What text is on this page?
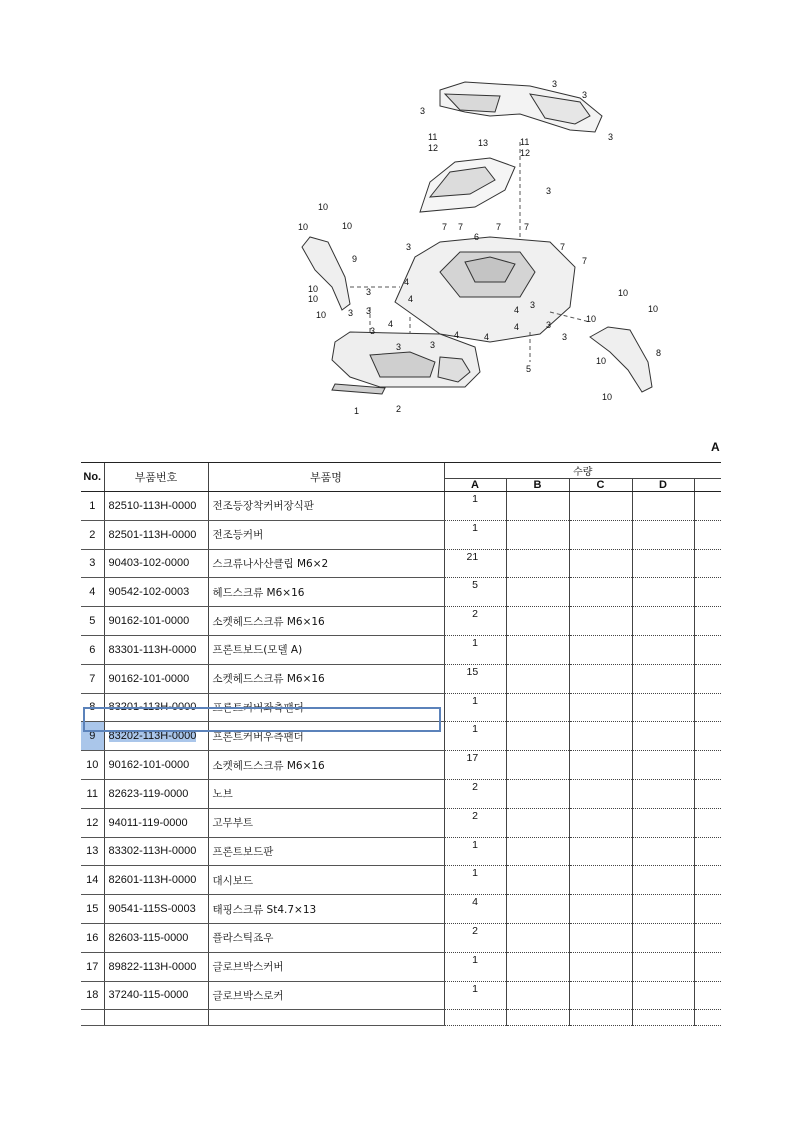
3
3
3
3
11
12	13	11
12
3
10
10	10
9
10
10
10 3
7 7
6
7	7
7
7
3
3
4
4
3
3
4
4	4
3
4
4
5
3
10
10
10
8
10
10
3
3
3
1	2
A
No.	부품번호	부품명	수량				
			A	B	C	D	
1	82510-113H-0000	전조등장착커버장식판	1				
2	82501-113H-0000	전조등커버	1				
3	90403-102-0000	스크류나사산클립 M6×2	21				
4	90542-102-0003	헤드스크류 M6×16	5				
5	90162-101-0000	소켓헤드스크류 M6×16	2				
6	83301-113H-0000	프론트보드(모델 A)	1				
7	90162-101-0000	소켓헤드스크류 M6×16	15				
8	83201-113H-0000	프론트커버좌측팬더	1				
9	83202-113H-0000	프론트커버우측팬더	1				
10	90162-101-0000	소켓헤드스크류 M6×16	17				
11	82623-119-0000	노브	2				
12	94011-119-0000	고무부트	2				
13	83302-113H-0000	프론트보드판	1				
14	82601-113H-0000	대시보드	1				
15	90541-115S-0003	태핑스크류 St4.7×13	4				
16	82603-115-0000	플라스틱죠우	2				
17	89822-113H-0000	글로브박스커버	1				
18	37240-115-0000	글로브박스로커	1				
